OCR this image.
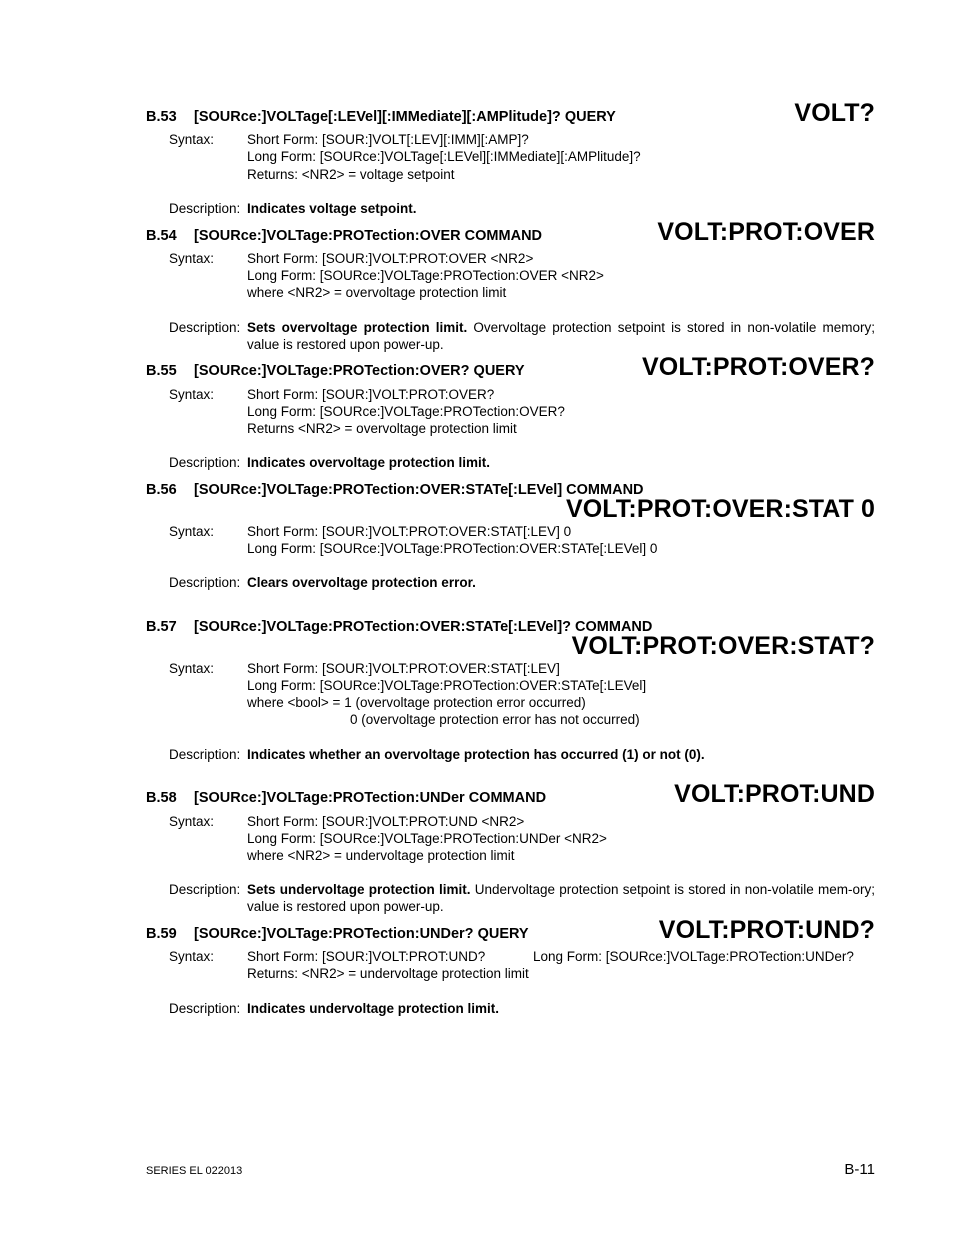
B.53 [SOURce:]VOLTage[:LEVel][:IMMediate][:AMPlitude]? QUERY	VOLT?
Syntax: Short Form: [SOUR:]VOLT[:LEV][:IMM][:AMP]?
Long Form: [SOURce:]VOLTage[:LEVel][:IMMediate][:AMPlitude]?
Returns: <NR2> = voltage setpoint
Description: Indicates voltage setpoint.
B.54 [SOURce:]VOLTage:PROTection:OVER COMMAND	VOLT:PROT:OVER
Syntax: Short Form: [SOUR:]VOLT:PROT:OVER <NR2>
Long Form: [SOURce:]VOLTage:PROTection:OVER <NR2>
where <NR2> = overvoltage protection limit
Description: Sets overvoltage protection limit. Overvoltage protection setpoint is stored in non-volatile memory; value is restored upon power-up.
B.55 [SOURce:]VOLTage:PROTection:OVER? QUERY	VOLT:PROT:OVER?
Syntax: Short Form: [SOUR:]VOLT:PROT:OVER?
Long Form: [SOURce:]VOLTage:PROTection:OVER?
Returns <NR2> = overvoltage protection limit
Description: Indicates overvoltage protection limit.
B.56 [SOURce:]VOLTage:PROTection:OVER:STATe[:LEVel] COMMAND
VOLT:PROT:OVER:STAT 0
Syntax: Short Form: [SOUR:]VOLT:PROT:OVER:STAT[:LEV] 0
Long Form: [SOURce:]VOLTage:PROTection:OVER:STATe[:LEVel] 0
Description: Clears overvoltage protection error.
B.57 [SOURce:]VOLTage:PROTection:OVER:STATe[:LEVel]? COMMAND
VOLT:PROT:OVER:STAT?
Syntax: Short Form: [SOUR:]VOLT:PROT:OVER:STAT[:LEV]
Long Form: [SOURce:]VOLTage:PROTection:OVER:STATe[:LEVel]
where <bool> = 1 (overvoltage protection error occurred)
0 (overvoltage protection error has not occurred)
Description: Indicates whether an overvoltage protection has occurred (1) or not (0).
B.58 [SOURce:]VOLTage:PROTection:UNDer COMMAND	VOLT:PROT:UND
Syntax: Short Form: [SOUR:]VOLT:PROT:UND <NR2>
Long Form: [SOURce:]VOLTage:PROTection:UNDer <NR2>
where <NR2> = undervoltage protection limit
Description: Sets undervoltage protection limit. Undervoltage protection setpoint is stored in non-volatile mem-ory; value is restored upon power-up.
B.59 [SOURce:]VOLTage:PROTection:UNDer? QUERY	VOLT:PROT:UND?
Syntax: Short Form: [SOUR:]VOLT:PROT:UND?	Long Form: [SOURce:]VOLTage:PROTection:UNDer?
Returns: <NR2> = undervoltage protection limit
Description: Indicates undervoltage protection limit.
SERIES EL 022013	B-11
